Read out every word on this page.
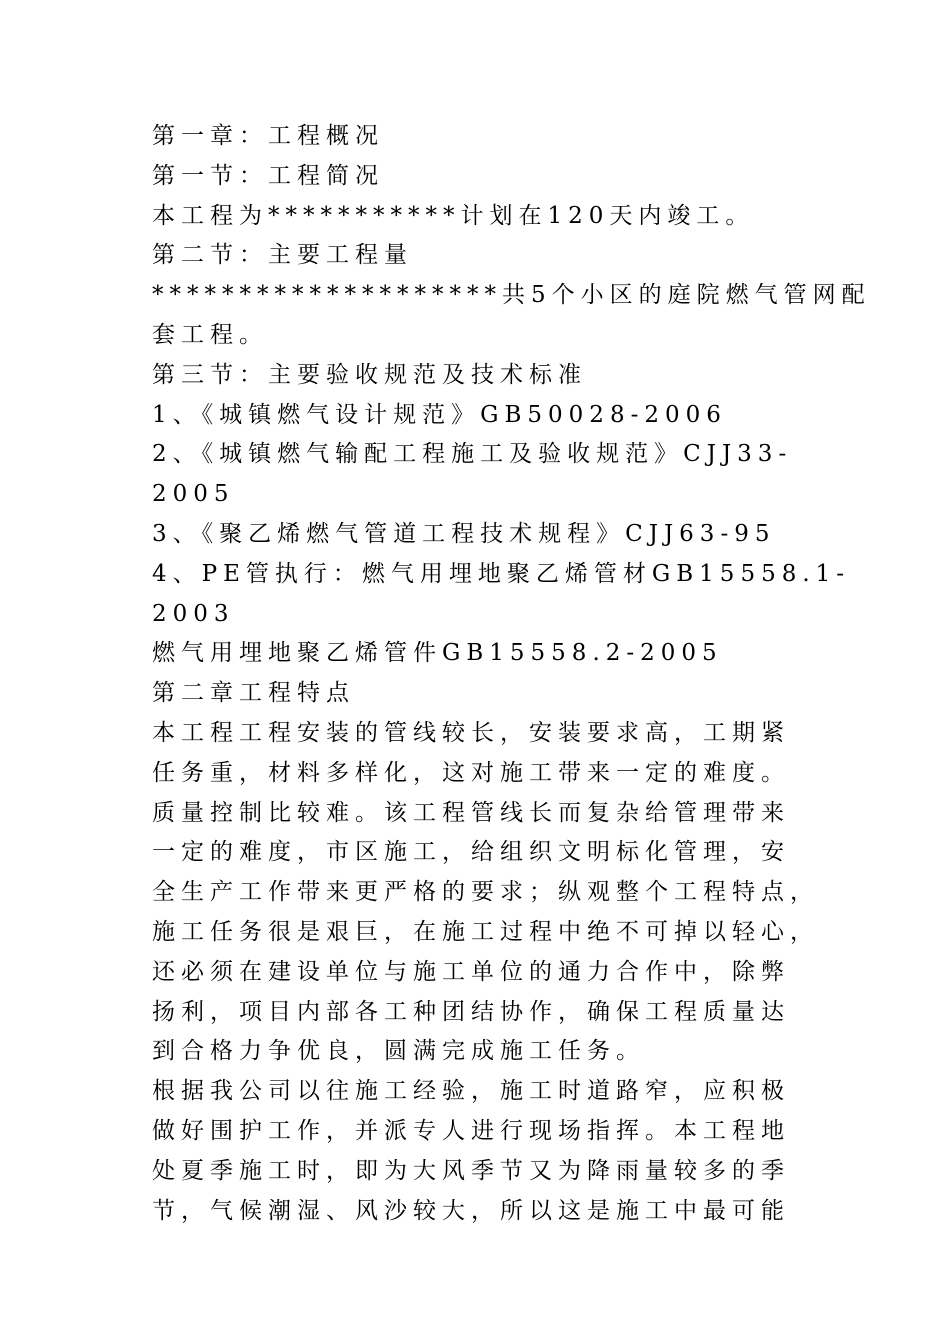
第一章：工程概况
第一节：工程简况
本工程为***********计划在120天内竣工。
第二节：主要工程量
********************共5个小区的庭院燃气管网配
套工程。
第三节：主要验收规范及技术标准
1、《城镇燃气设计规范》GB50028-2006
2、《城镇燃气输配工程施工及验收规范》CJJ33-
2005
3、《聚乙烯燃气管道工程技术规程》CJJ63-95
4、PE管执行：燃气用埋地聚乙烯管材GB15558.1-
2003
燃气用埋地聚乙烯管件GB15558.2-2005
第二章工程特点
本工程工程安装的管线较长，安装要求高，工期紧
任务重，材料多样化，这对施工带来一定的难度。
质量控制比较难。该工程管线长而复杂给管理带来
一定的难度，市区施工，给组织文明标化管理，安
全生产工作带来更严格的要求；纵观整个工程特点，
施工任务很是艰巨，在施工过程中绝不可掉以轻心，
还必须在建设单位与施工单位的通力合作中，除弊
扬利，项目内部各工种团结协作，确保工程质量达
到合格力争优良，圆满完成施工任务。
根据我公司以往施工经验，施工时道路窄，应积极
做好围护工作，并派专人进行现场指挥。本工程地
处夏季施工时，即为大风季节又为降雨量较多的季
节，气候潮湿、风沙较大，所以这是施工中最可能
